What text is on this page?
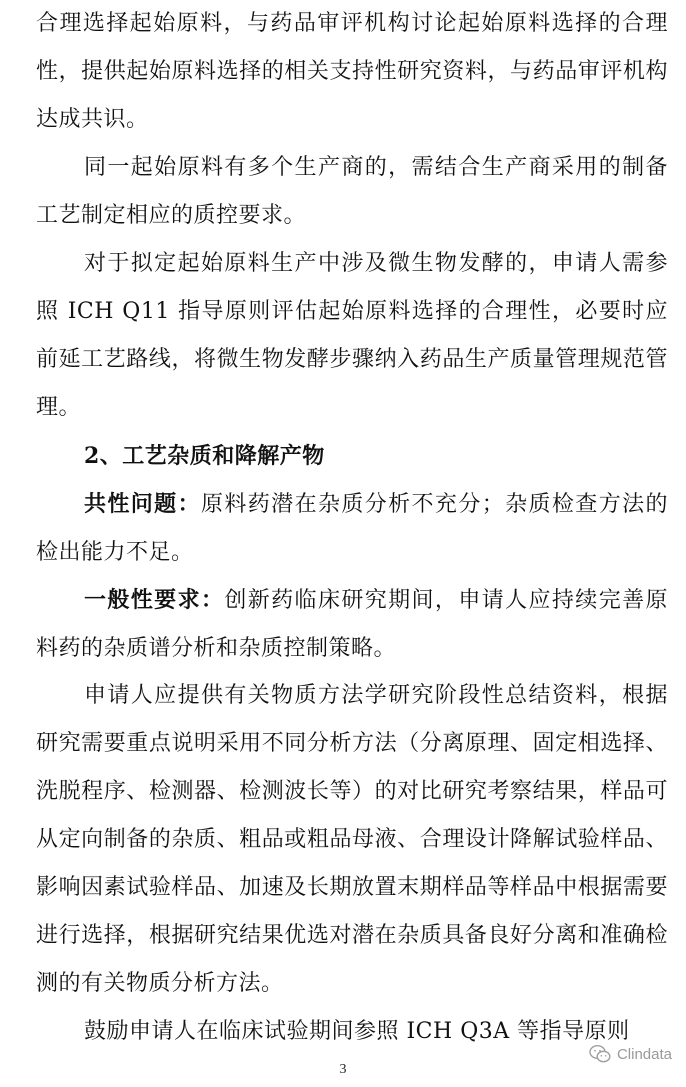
合理选择起始原料，与药品审评机构讨论起始原料选择的合理性，提供起始原料选择的相关支持性研究资料，与药品审评机构达成共识。

同一起始原料有多个生产商的，需结合生产商采用的制备工艺制定相应的质控要求。

对于拟定起始原料生产中涉及微生物发酵的，申请人需参照 ICH Q11 指导原则评估起始原料选择的合理性，必要时应前延工艺路线，将微生物发酵步骤纳入药品生产质量管理规范管理。

2、工艺杂质和降解产物

共性问题：原料药潜在杂质分析不充分；杂质检查方法的检出能力不足。

一般性要求：创新药临床研究期间，申请人应持续完善原料药的杂质谱分析和杂质控制策略。

申请人应提供有关物质方法学研究阶段性总结资料，根据研究需要重点说明采用不同分析方法（分离原理、固定相选择、洗脱程序、检测器、检测波长等）的对比研究考察结果，样品可从定向制备的杂质、粗品或粗品母液、合理设计降解试验样品、影响因素试验样品、加速及长期放置末期样品等样品中根据需要进行选择，根据研究结果优选对潜在杂质具备良好分离和准确检测的有关物质分析方法。

鼓励申请人在临床试验期间参照 ICH Q3A 等指导原则

3
Clindata
